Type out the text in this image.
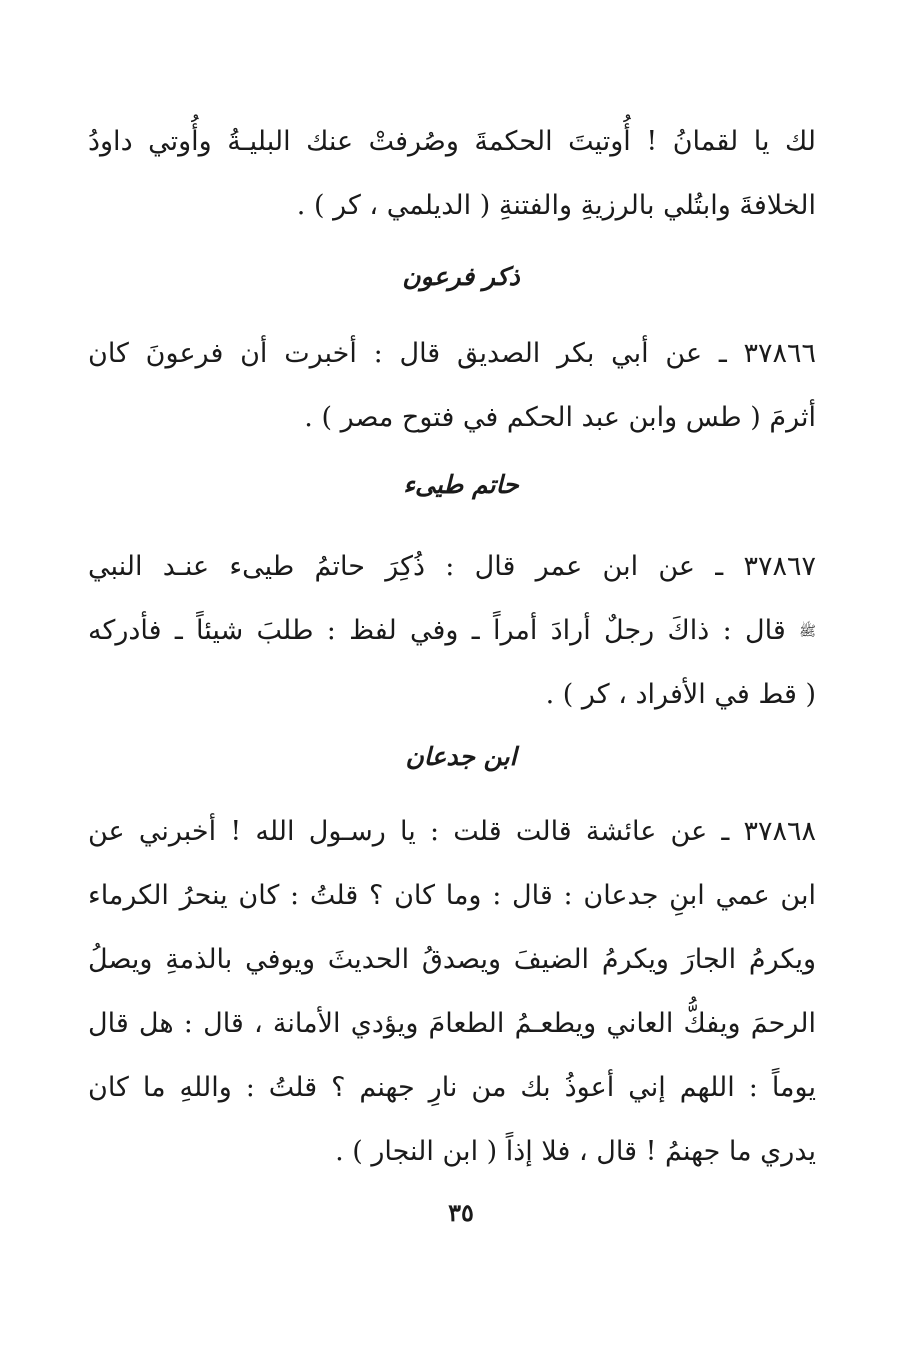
لك يا لقمانُ ! أُوتيتَ الحكمةَ وصُرفتْ عنك البليـةُ وأُوتي داودُ
الخلافةَ وابتُلي بالرزيةِ والفتنةِ ( الديلمي ، كر ) .
ذكر فرعون
٣٧٨٦٦ ـ عن أبي بكر الصديق قال : أخبرت أن فرعونَ كان
أثرمَ ( طس وابن عبد الحكم في فتوح مصر ) .
حاتم طيىء
٣٧٨٦٧ ـ عن ابن عمر قال : ذُكِرَ حاتمُ طيىء عنـد النبي
ﷺ قال : ذاكَ رجلٌ أرادَ أمراً ـ وفي لفظ : طلبَ شيئاً ـ فأدركه
( قط في الأفراد ، كر ) .
ابن جدعان
٣٧٨٦٨ ـ عن عائشة قالت قلت : يا رسـول الله ! أخبرني عن
ابن عمي ابنِ جدعان : قال : وما كان ؟ قلتُ : كان ينحرُ الكرماء
ويكرمُ الجارَ ويكرمُ الضيفَ ويصدقُ الحديثَ ويوفي بالذمةِ ويصلُ
الرحمَ ويفكُّ العاني ويطعـمُ الطعامَ ويؤدي الأمانة ، قال : هل قال
يوماً : اللهم إني أعوذُ بك من نارِ جهنم ؟ قلتُ : واللهِ ما كان
يدري ما جهنمُ ! قال ، فلا إذاً ( ابن النجار ) .
٣٥
